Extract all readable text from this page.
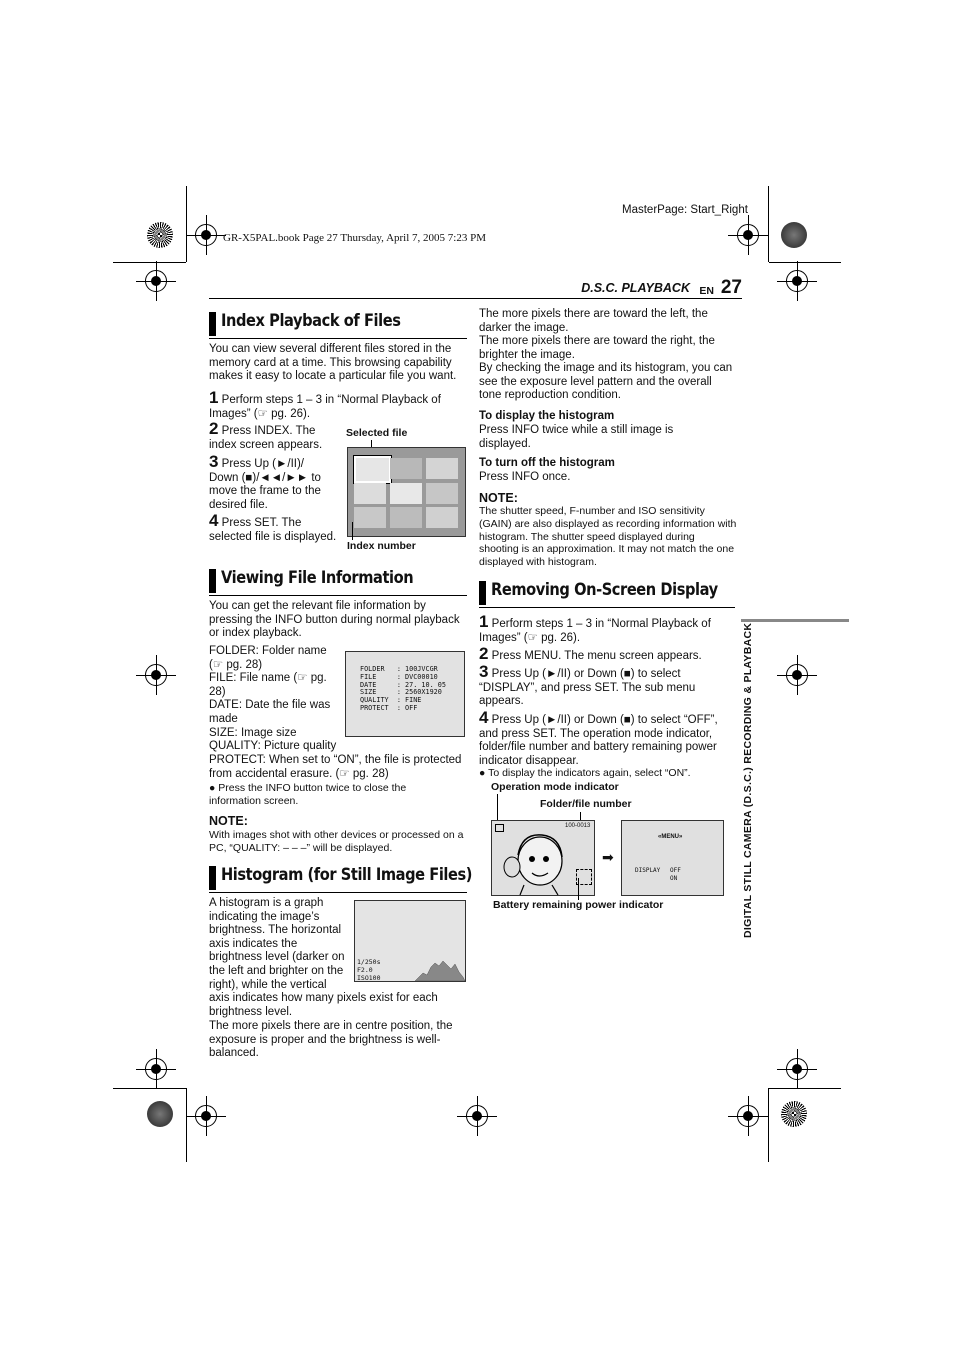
MasterPage: Start_Right
GR-X5PAL.book Page 27 Thursday, April 7, 2005 7:23 PM
D.S.C. PLAYBACK EN 27
DIGITAL STILL CAMERA (D.S.C.) RECORDING & PLAYBACK
Index Playback of Files
You can view several different files stored in the memory card at a time. This browsing capability makes it easy to locate a particular file you want.
1 Perform steps 1 – 3 in “Normal Playback of Images” (☞ pg. 26).
2 Press INDEX. The index screen appears.
3 Press Up (►/II)/ Down (■)/◄◄/►► to move the frame to the desired file.
4 Press SET. The selected file is displayed.
Selected file
Index number
Viewing File Information
You can get the relevant file information by pressing the INFO button during normal playback or index playback.
FOLDER: Folder name (☞ pg. 28)
FILE: File name (☞ pg. 28)
DATE: Date the file was made
SIZE: Image size
QUALITY: Picture quality
PROTECT: When set to “ON”, the file is protected from accidental erasure. (☞ pg. 28)
● Press the INFO button twice to close the information screen.
FOLDER   : 100JVCGR
FILE     : DVC00010
DATE     : 27. 10. 05
SIZE     : 2560X1920
QUALITY  : FINE
PROTECT  : OFF
NOTE:
With images shot with other devices or processed on a PC, “QUALITY: – – –” will be displayed.
Histogram (for Still Image Files)
A histogram is a graph indicating the image’s brightness. The horizontal axis indicates the brightness level (darker on the left and brighter on the right), while the vertical
axis indicates how many pixels exist for each brightness level.
The more pixels there are in centre position, the exposure is proper and the brightness is well-balanced.
1/250s
F2.0
ISO100
The more pixels there are toward the left, the darker the image.
The more pixels there are toward the right, the brighter the image.
By checking the image and its histogram, you can see the exposure level pattern and the overall tone reproduction condition.
To display the histogram
Press INFO twice while a still image is displayed.
To turn off the histogram
Press INFO once.
NOTE:
The shutter speed, F-number and ISO sensitivity (GAIN) are also displayed as recording information with histogram. The shutter speed displayed during shooting is an approximation. It may not match the one displayed with histogram.
Removing On-Screen Display
1 Perform steps 1 – 3 in “Normal Playback of Images” (☞ pg. 26).
2 Press MENU. The menu screen appears.
3 Press Up (►/II) or Down (■) to select “DISPLAY”, and press SET. The sub menu appears.
4 Press Up (►/II) or Down (■) to select “OFF”, and press SET. The operation mode indicator, folder/file number and battery remaining power indicator disappear.
● To display the indicators again, select “ON”.
Operation mode indicator
Folder/file number
100-0013
➡
«MENU»
DISPLAY OFF
ON
Battery remaining power indicator
